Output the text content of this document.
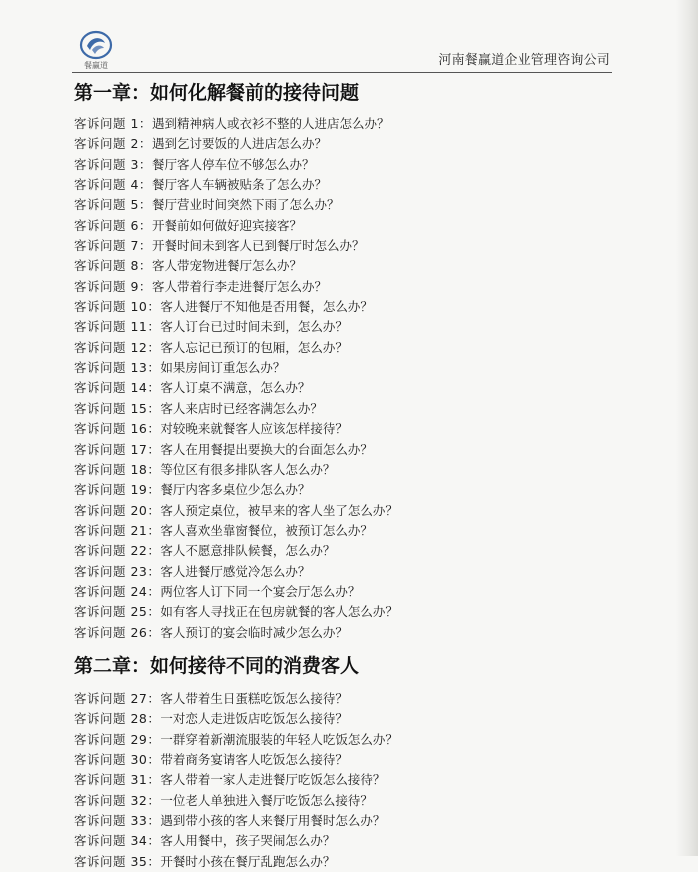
餐赢道	河南餐赢道企业管理咨询公司
第一章：如何化解餐前的接待问题
客诉问题 1：遇到精神病人或衣衫不整的人进店怎么办？
客诉问题 2：遇到乞讨要饭的人进店怎么办？
客诉问题 3：餐厅客人停车位不够怎么办？
客诉问题 4：餐厅客人车辆被贴条了怎么办？
客诉问题 5：餐厅营业时间突然下雨了怎么办？
客诉问题 6：开餐前如何做好迎宾接客？
客诉问题 7：开餐时间未到客人已到餐厅时怎么办？
客诉问题 8：客人带宠物进餐厅怎么办？
客诉问题 9：客人带着行李走进餐厅怎么办？
客诉问题 10：客人进餐厅不知他是否用餐，怎么办？
客诉问题 11：客人订台已过时间未到，怎么办？
客诉问题 12：客人忘记已预订的包厢，怎么办？
客诉问题 13：如果房间订重怎么办？
客诉问题 14：客人订桌不满意，怎么办？
客诉问题 15：客人来店时已经客满怎么办？
客诉问题 16：对较晚来就餐客人应该怎样接待？
客诉问题 17：客人在用餐提出要换大的台面怎么办？
客诉问题 18：等位区有很多排队客人怎么办？
客诉问题 19：餐厅内客多桌位少怎么办？
客诉问题 20：客人预定桌位，被早来的客人坐了怎么办？
客诉问题 21：客人喜欢坐靠窗餐位，被预订怎么办？
客诉问题 22：客人不愿意排队候餐，怎么办？
客诉问题 23：客人进餐厅感觉冷怎么办？
客诉问题 24：两位客人订下同一个宴会厅怎么办？
客诉问题 25：如有客人寻找正在包房就餐的客人怎么办？
客诉问题 26：客人预订的宴会临时减少怎么办？
第二章：如何接待不同的消费客人
客诉问题 27：客人带着生日蛋糕吃饭怎么接待？
客诉问题 28：一对恋人走进饭店吃饭怎么接待？
客诉问题 29：一群穿着新潮流服装的年轻人吃饭怎么办？
客诉问题 30：带着商务宴请客人吃饭怎么接待？
客诉问题 31：客人带着一家人走进餐厅吃饭怎么接待？
客诉问题 32：一位老人单独进入餐厅吃饭怎么接待？
客诉问题 33：遇到带小孩的客人来餐厅用餐时怎么办？
客诉问题 34：客人用餐中，孩子哭闹怎么办？
客诉问题 35：开餐时小孩在餐厅乱跑怎么办？
